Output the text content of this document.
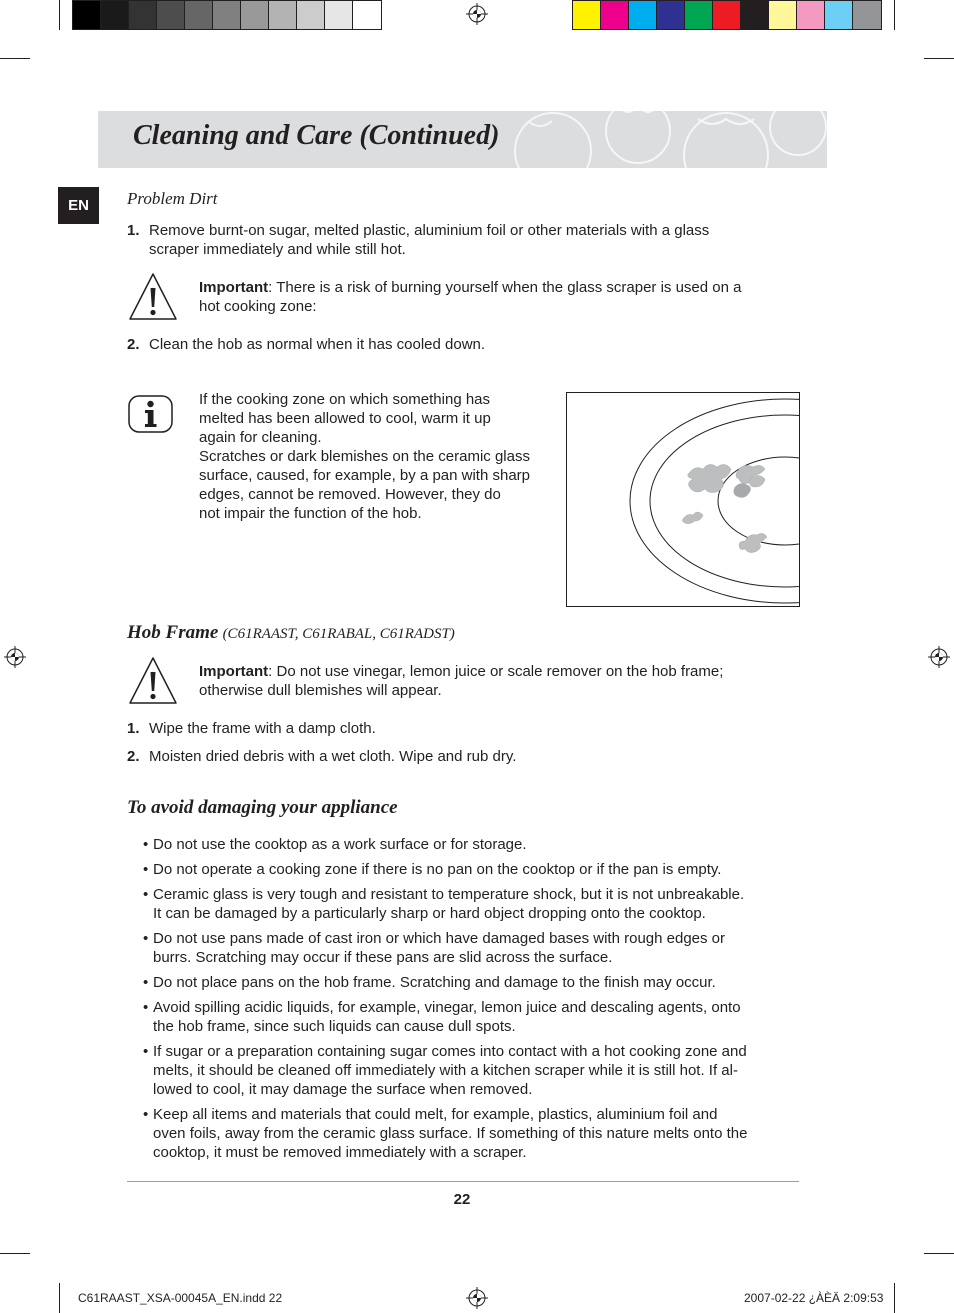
Cleaning and Care (Continued)
EN	Problem Dirt
1. Remove burnt-on sugar, melted plastic, aluminium foil or other materials with a glass
scraper immediately and while still hot.
Important: There is a risk of burning yourself when the glass scraper is used on a
hot cooking zone:
2. Clean the hob as normal when it has cooled down.
If the cooking zone on which something has
melted has been allowed to cool, warm it up
again for cleaning.
Scratches or dark blemishes on the ceramic glass
surface, caused, for example, by a pan with sharp
edges, cannot be removed. However, they do
not impair the function of the hob.
Hob Frame (C61RAAST, C61RABAL, C61RADST)
Important: Do not use vinegar, lemon juice or scale remover on the hob frame;
otherwise dull blemishes will appear.
1. Wipe the frame with a damp cloth.
2. Moisten dried debris with a wet cloth. Wipe and rub dry.
To avoid damaging your appliance
• Do not use the cooktop as a work surface or for storage.
• Do not operate a cooking zone if there is no pan on the cooktop or if the pan is empty.
• Ceramic glass is very tough and resistant to temperature shock, but it is not unbreakable.
It can be damaged by a particularly sharp or hard object dropping onto the cooktop.
• Do not use pans made of cast iron or which have damaged bases with rough edges or
burrs. Scratching may occur if these pans are slid across the surface.
• Do not place pans on the hob frame. Scratching and damage to the finish may occur.
• Avoid spilling acidic liquids, for example, vinegar, lemon juice and descaling agents, onto
the hob frame, since such liquids can cause dull spots.
• If sugar or a preparation containing sugar comes into contact with a hot cooking zone and
melts, it should be cleaned off immediately with a kitchen scraper while it is still hot. If al-
lowed to cool, it may damage the surface when removed.
• Keep all items and materials that could melt, for example, plastics, aluminium foil and
oven foils, away from the ceramic glass surface. If something of this nature melts onto the
cooktop, it must be removed immediately with a scraper.
22
C61RAAST_XSA-00045A_EN.indd 22	2007-02-22 ¿ÀÈÄ 2:09:53
